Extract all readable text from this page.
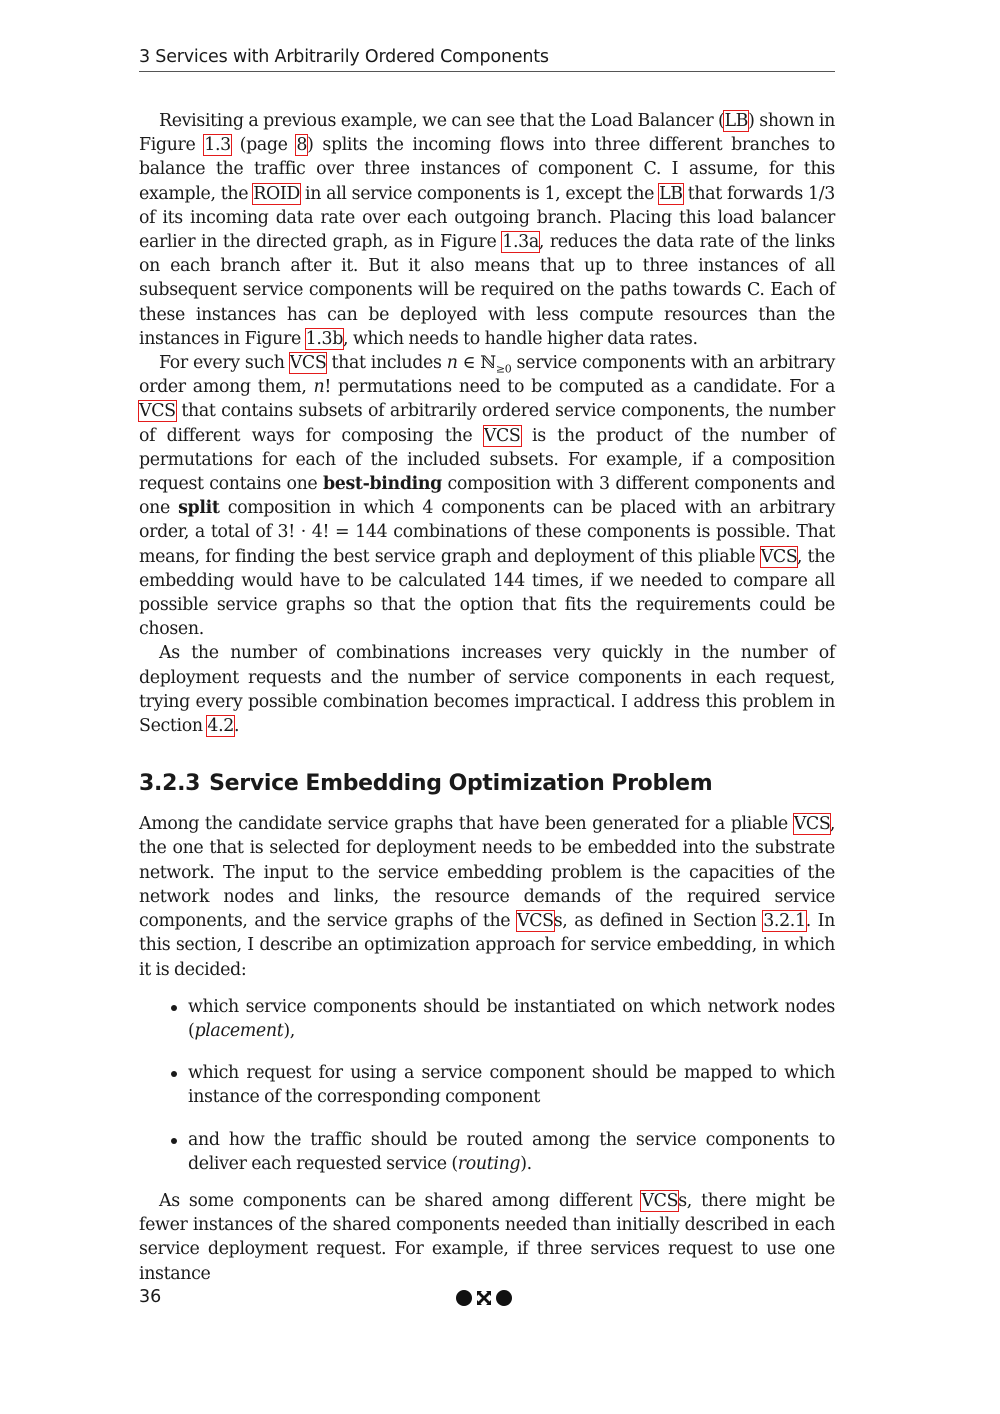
3 Services with Arbitrarily Ordered Components

Revisiting a previous example, we can see that the Load Balancer (LB) shown in Figure 1.3 (page 8) splits the incoming flows into three different branches to balance the traffic over three instances of component C. I assume, for this example, the ROID in all service components is 1, except the LB that forwards 1/3 of its incoming data rate over each outgoing branch. Placing this load balancer earlier in the directed graph, as in Figure 1.3a, reduces the data rate of the links on each branch after it. But it also means that up to three instances of all subsequent service components will be required on the paths towards C. Each of these instances has can be deployed with less compute resources than the instances in Figure 1.3b, which needs to handle higher data rates.

For every such VCS that includes n ∈ ℕ$_{\ge 0}$ service components with an arbitrary order among them, n! permutations need to be computed as a candidate. For a VCS that contains subsets of arbitrarily ordered service components, the number of different ways for composing the VCS is the product of the number of permutations for each of the included subsets. For example, if a composition request contains one best-binding composition with 3 different components and one split composition in which 4 components can be placed with an arbitrary order, a total of 3! · 4! = 144 combinations of these components is possible. That means, for finding the best service graph and deployment of this pliable VCS, the embedding would have to be calculated 144 times, if we needed to compare all possible service graphs so that the option that fits the requirements could be chosen.

As the number of combinations increases very quickly in the number of deployment requests and the number of service components in each request, trying every possible combination becomes impractical. I address this problem in Section 4.2.

3.2.3 Service Embedding Optimization Problem

Among the candidate service graphs that have been generated for a pliable VCS, the one that is selected for deployment needs to be embedded into the substrate network. The input to the service embedding problem is the capacities of the network nodes and links, the resource demands of the required service components, and the service graphs of the VCSs, as defined in Section 3.2.1. In this section, I describe an optimization approach for service embedding, in which it is decided:

which service components should be instantiated on which network nodes (placement),
which request for using a service component should be mapped to which instance of the corresponding component
and how the traffic should be routed among the service components to deliver each requested service (routing).

As some components can be shared among different VCSs, there might be fewer instances of the shared components needed than initially described in each service deployment request. For example, if three services request to use one instance

36
